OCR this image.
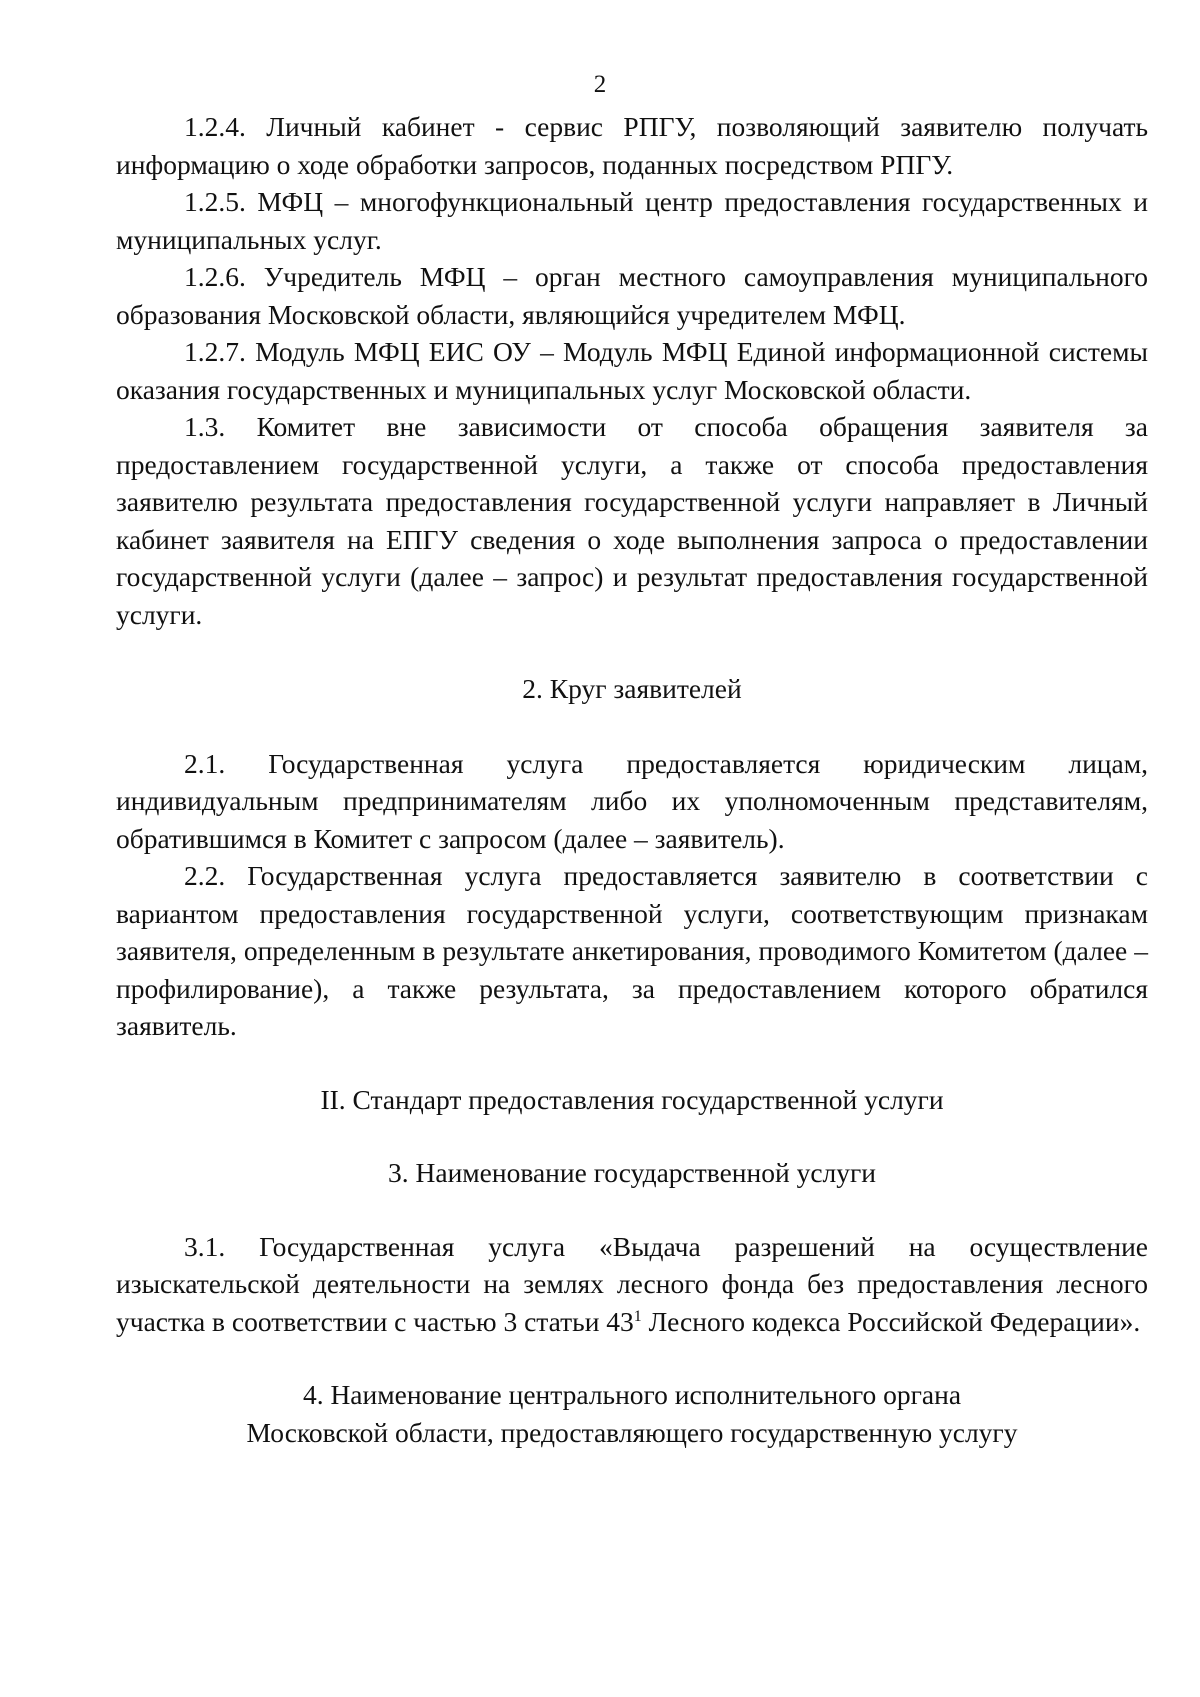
2

1.2.4. Личный кабинет - сервис РПГУ, позволяющий заявителю получать информацию о ходе обработки запросов, поданных посредством РПГУ.

1.2.5. МФЦ – многофункциональный центр предоставления государственных и муниципальных услуг.

1.2.6. Учредитель МФЦ – орган местного самоуправления муниципального образования Московской области, являющийся учредителем МФЦ.

1.2.7. Модуль МФЦ ЕИС ОУ – Модуль МФЦ Единой информационной системы оказания государственных и муниципальных услуг Московской области.

1.3. Комитет вне зависимости от способа обращения заявителя за предоставлением государственной услуги, а также от способа предоставления заявителю результата предоставления государственной услуги направляет в Личный кабинет заявителя на ЕПГУ сведения о ходе выполнения запроса о предоставлении государственной услуги (далее – запрос) и результат предоставления государственной услуги.

2. Круг заявителей

2.1. Государственная услуга предоставляется юридическим лицам, индивидуальным предпринимателям либо их уполномоченным представителям, обратившимся в Комитет с запросом (далее – заявитель).

2.2. Государственная услуга предоставляется заявителю в соответствии с вариантом предоставления государственной услуги, соответствующим признакам заявителя, определенным в результате анкетирования, проводимого Комитетом (далее – профилирование), а также результата, за предоставлением которого обратился заявитель.

II. Стандарт предоставления государственной услуги

3. Наименование государственной услуги

3.1. Государственная услуга «Выдача разрешений на осуществление изыскательской деятельности на землях лесного фонда без предоставления лесного участка в соответствии с частью 3 статьи $43^1$ Лесного кодекса Российской Федерации».

4. Наименование центрального исполнительного органа

Московской области, предоставляющего государственную услугу
